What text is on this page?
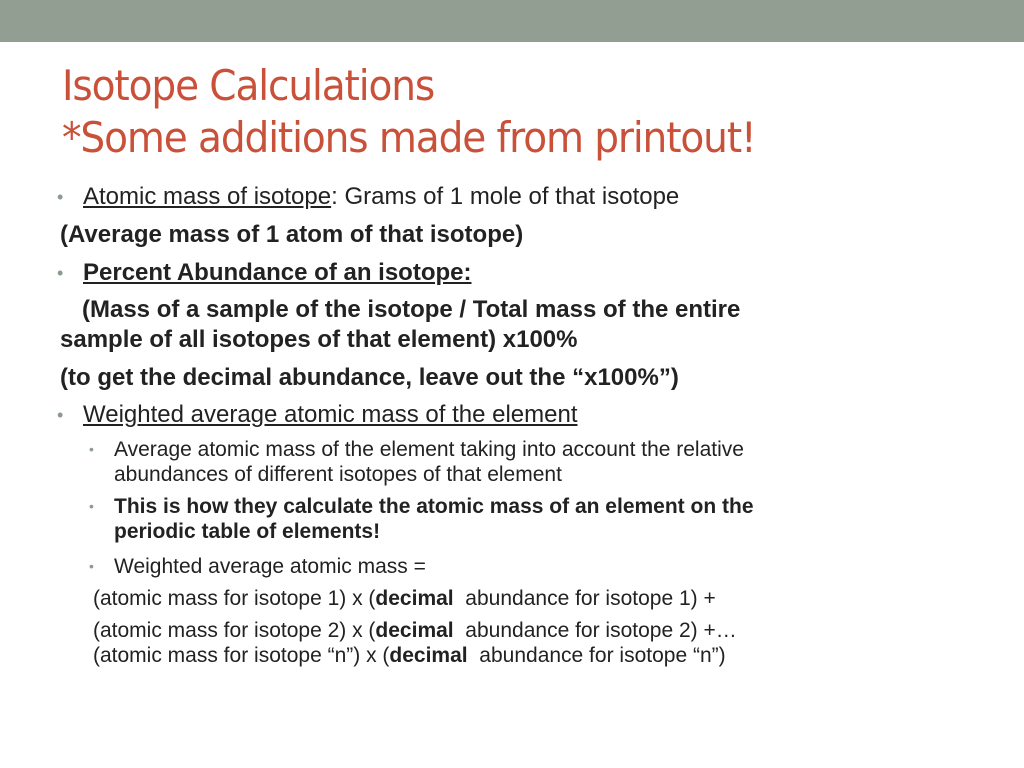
Isotope Calculations
*Some additions made from printout!
• Atomic mass of isotope: Grams of 1 mole of that isotope
(Average mass of 1 atom of that isotope)
• Percent Abundance of an isotope:
(Mass of a sample of the isotope / Total mass of the entire
sample of all isotopes of that element) x100%
(to get the decimal abundance, leave out the “x100%”)
• Weighted average atomic mass of the element
• Average atomic mass of the element taking into account the relative
abundances of different isotopes of that element
• This is how they calculate the atomic mass of an element on the
periodic table of elements!
• Weighted average atomic mass =
(atomic mass for isotope 1) x (decimal  abundance for isotope 1) +
(atomic mass for isotope 2) x (decimal  abundance for isotope 2) +…
(atomic mass for isotope “n”) x (decimal  abundance for isotope “n”)
